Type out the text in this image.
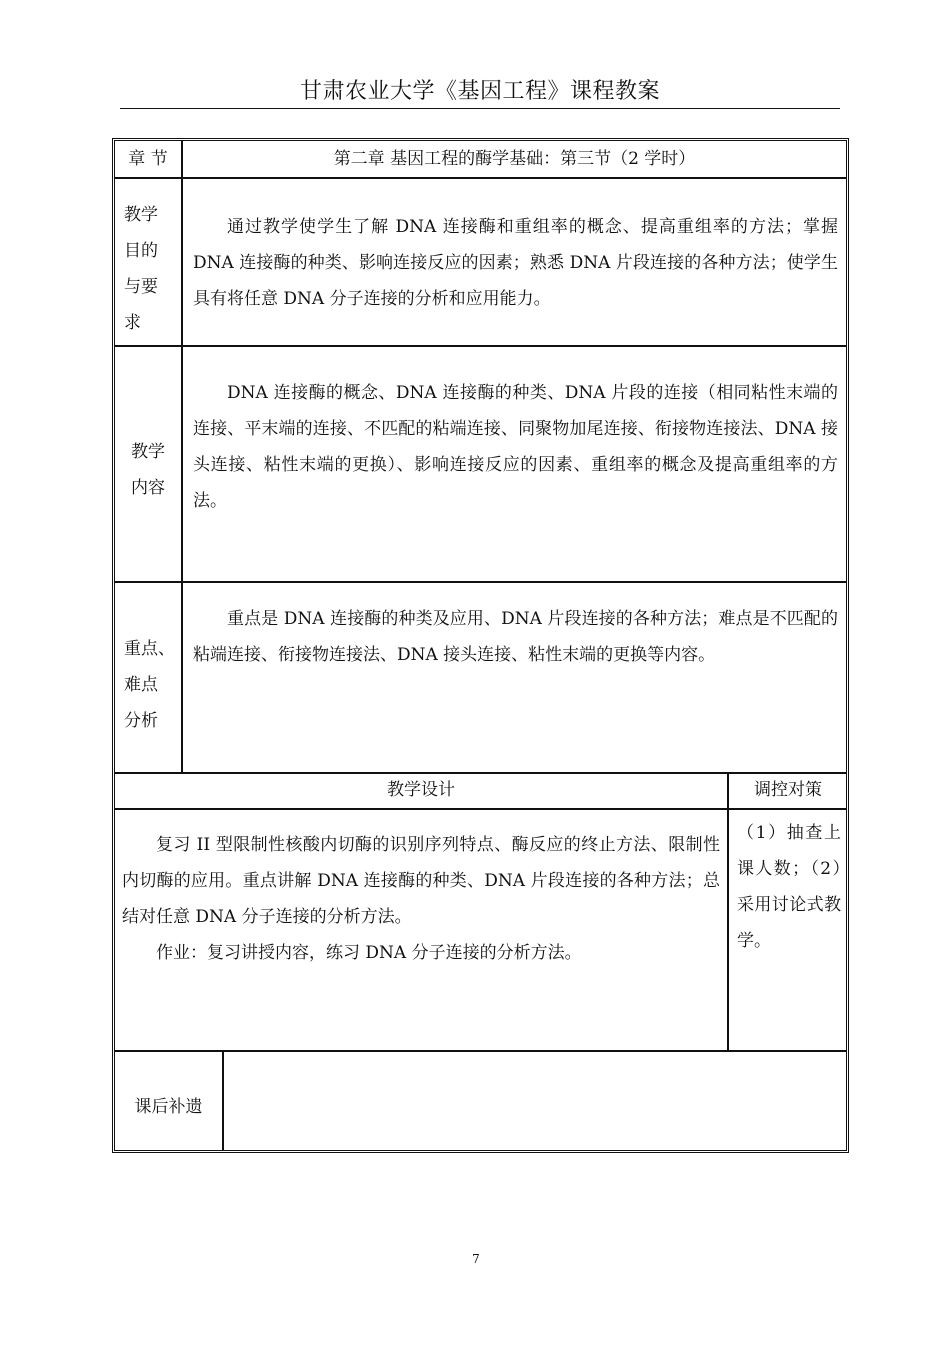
甘肃农业大学《基因工程》课程教案
章 节	第二章 基因工程的酶学基础：第三节（2 学时）
教学
目的
与要
求
通过教学使学生了解 DNA 连接酶和重组率的概念、提高重组率的方法；掌握 DNA 连接酶的种类、影响连接反应的因素；熟悉 DNA 片段连接的各种方法；使学生具有将任意 DNA 分子连接的分析和应用能力。
教学
内容
DNA 连接酶的概念、DNA 连接酶的种类、DNA 片段的连接（相同粘性末端的连接、平末端的连接、不匹配的粘端连接、同聚物加尾连接、衔接物连接法、DNA 接头连接、粘性末端的更换）、影响连接反应的因素、重组率的概念及提高重组率的方法。
重点、
难点
分析
重点是 DNA 连接酶的种类及应用、DNA 片段连接的各种方法；难点是不匹配的粘端连接、衔接物连接法、DNA 接头连接、粘性末端的更换等内容。
教学设计	调控对策
复习 II 型限制性核酸内切酶的识别序列特点、酶反应的终止方法、限制性内切酶的应用。重点讲解 DNA 连接酶的种类、DNA 片段连接的各种方法；总结对任意 DNA 分子连接的分析方法。
作业：复习讲授内容，练习 DNA 分子连接的分析方法。
（1）抽查上课人数；（2）采用讨论式教学。
课后补遗
7
